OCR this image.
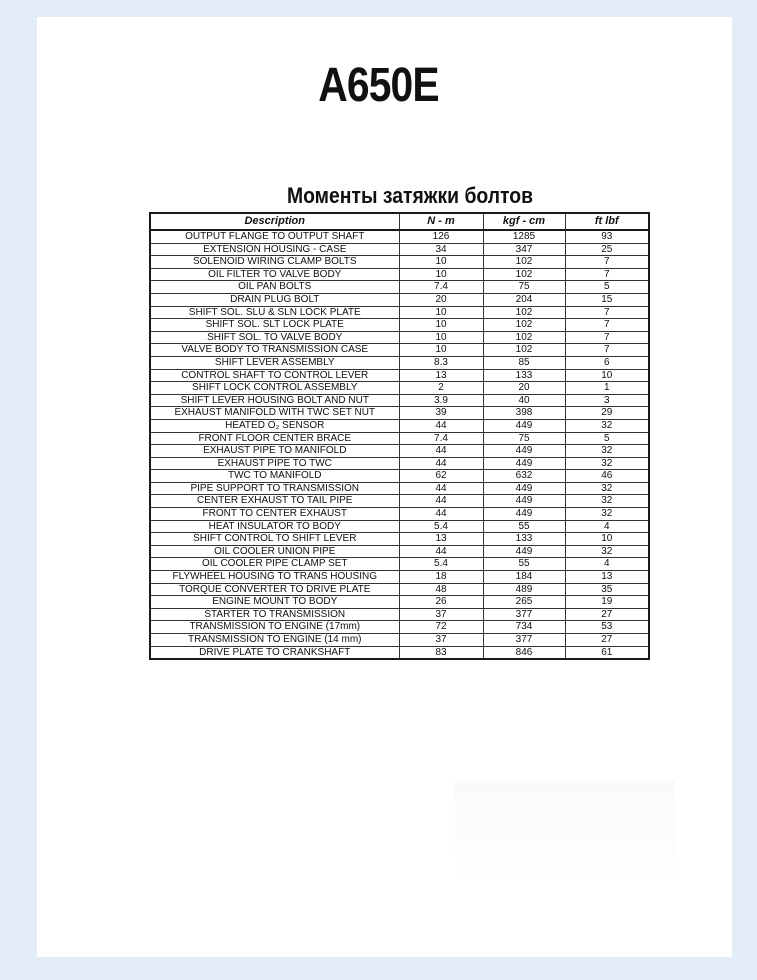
A650E
Моменты затяжки болтов
Description	N - m	kgf - cm	ft lbf
OUTPUT FLANGE TO OUTPUT SHAFT	126	1285	93
EXTENSION HOUSING - CASE	34	347	25
SOLENOID WIRING CLAMP BOLTS	10	102	7
OIL FILTER TO VALVE BODY	10	102	7
OIL PAN BOLTS	7.4	75	5
DRAIN PLUG BOLT	20	204	15
SHIFT SOL. SLU & SLN LOCK PLATE	10	102	7
SHIFT SOL. SLT LOCK PLATE	10	102	7
SHIFT SOL. TO VALVE BODY	10	102	7
VALVE BODY TO TRANSMISSION CASE	10	102	7
SHIFT LEVER ASSEMBLY	8.3	85	6
CONTROL SHAFT TO CONTROL LEVER	13	133	10
SHIFT LOCK CONTROL ASSEMBLY	2	20	1
SHIFT LEVER HOUSING BOLT AND NUT	3.9	40	3
EXHAUST MANIFOLD WITH TWC SET NUT	39	398	29
HEATED O₂ SENSOR	44	449	32
FRONT FLOOR CENTER BRACE	7.4	75	5
EXHAUST PIPE TO MANIFOLD	44	449	32
EXHAUST PIPE TO TWC	44	449	32
TWC TO MANIFOLD	62	632	46
PIPE SUPPORT TO TRANSMISSION	44	449	32
CENTER EXHAUST TO TAIL PIPE	44	449	32
FRONT TO CENTER EXHAUST	44	449	32
HEAT INSULATOR TO BODY	5.4	55	4
SHIFT CONTROL TO SHIFT LEVER	13	133	10
OIL COOLER UNION PIPE	44	449	32
OIL COOLER PIPE CLAMP SET	5.4	55	4
FLYWHEEL HOUSING TO TRANS HOUSING	18	184	13
TORQUE CONVERTER TO DRIVE PLATE	48	489	35
ENGINE MOUNT TO BODY	26	265	19
STARTER TO TRANSMISSION	37	377	27
TRANSMISSION TO ENGINE (17mm)	72	734	53
TRANSMISSION TO ENGINE (14 mm)	37	377	27
DRIVE PLATE TO CRANKSHAFT	83	846	61
